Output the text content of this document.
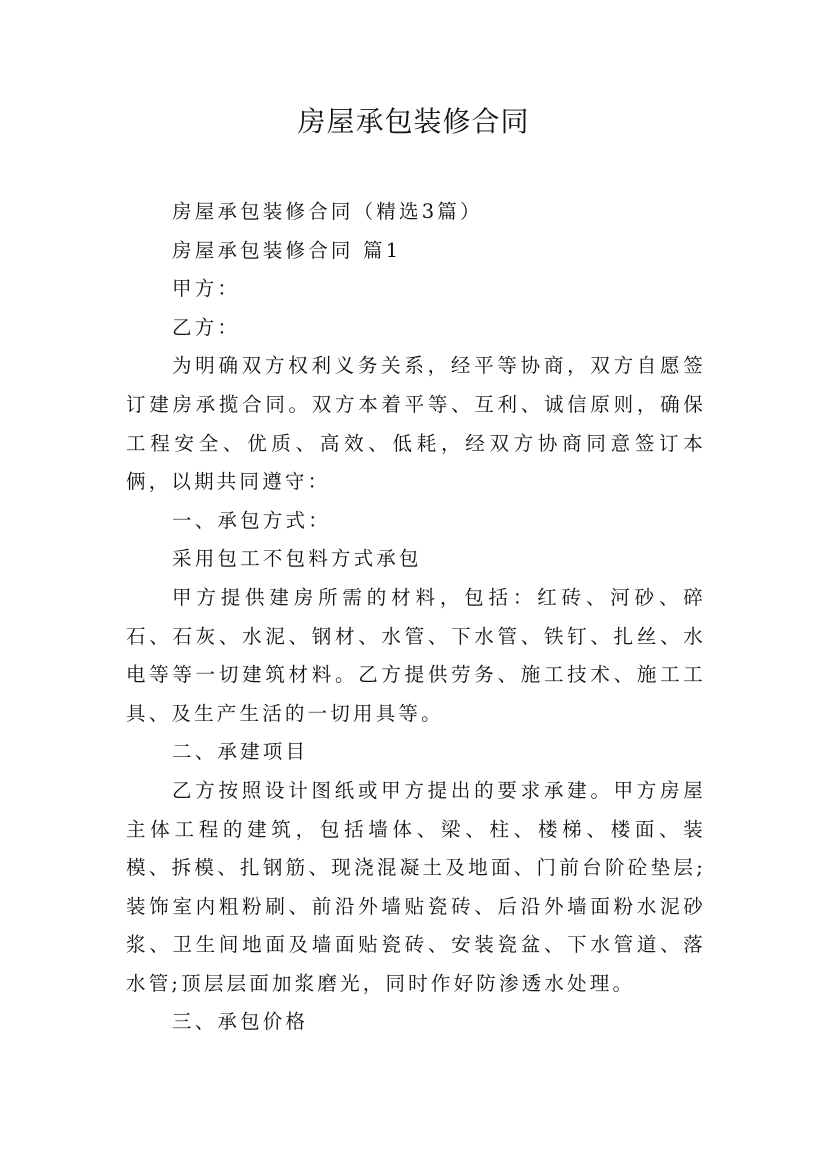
房屋承包装修合同

房屋承包装修合同（精选3篇）

房屋承包装修合同 篇1

甲方：

乙方：

为明确双方权利义务关系，经平等协商，双方自愿签订建房承揽合同。双方本着平等、互利、诚信原则，确保工程安全、优质、高效、低耗，经双方协商同意签订本俩，以期共同遵守：

一、承包方式：

采用包工不包料方式承包

甲方提供建房所需的材料，包括：红砖、河砂、碎石、石灰、水泥、钢材、水管、下水管、铁钉、扎丝、水电等等一切建筑材料。乙方提供劳务、施工技术、施工工具、及生产生活的一切用具等。

二、承建项目

乙方按照设计图纸或甲方提出的要求承建。甲方房屋主体工程的建筑，包括墙体、梁、柱、楼梯、楼面、装模、拆模、扎钢筋、现浇混凝土及地面、门前台阶砼垫层;装饰室内粗粉刷、前沿外墙贴瓷砖、后沿外墙面粉水泥砂浆、卫生间地面及墙面贴瓷砖、安装瓷盆、下水管道、落水管;顶层层面加浆磨光，同时作好防渗透水处理。

三、承包价格
